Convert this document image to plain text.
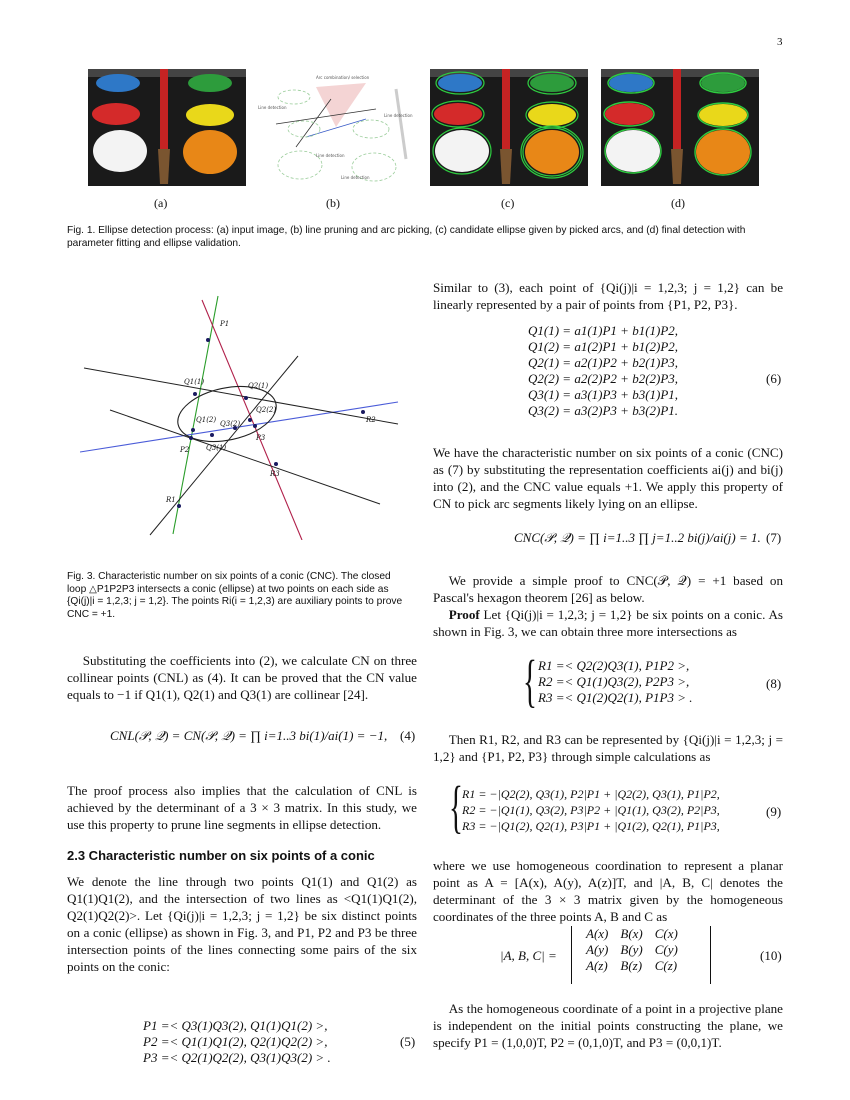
3
Arc combination/ selection
Line detection
Line detection
Line detection
Line detection
(a)	(b)	(c)	(d)
Fig. 1. Ellipse detection process: (a) input image, (b) line pruning and arc picking, (c) candidate ellipse given by picked arcs, and (d) final detection with parameter fitting and ellipse validation.
P1
P2
P3
R1
R2
R3
Q1(1)	Q2(1)
Q1(2) Q3(2)
Q3(1)
Q2(2)
Fig. 3. Characteristic number on six points of a conic (CNC). The closed loop △P1P2P3 intersects a conic (ellipse) at two points on each side as {Qi(j)|i = 1,2,3; j = 1,2}. The points Ri(i = 1,2,3) are auxiliary points to prove CNC = +1.
Substituting the coefficients into (2), we calculate CN on three collinear points (CNL) as (4). It can be proved that the CN value equals to −1 if Q1(1), Q2(1) and Q3(1) are collinear [24].
CNL(𝒫, 𝒬) = CN(𝒫, 𝒬) = ∏ i=1..3 bi(1)/ai(1) = −1, (4)
The proof process also implies that the calculation of CNL is achieved by the determinant of a 3 × 3 matrix. In this study, we use this property to prune line segments in ellipse detection.
2.3 Characteristic number on six points of a conic
We denote the line through two points Q1(1) and Q1(2) as Q1(1)Q1(2), and the intersection of two lines as <Q1(1)Q1(2), Q2(1)Q2(2)>. Let {Qi(j)|i = 1,2,3; j = 1,2} be six distinct points on a conic (ellipse) as shown in Fig. 3, and P1, P2 and P3 be three intersection points of the lines connecting some pairs of the six points on the conic:
P1 =< Q3(1)Q3(2), Q1(1)Q1(2) >,
P2 =< Q1(1)Q1(2), Q2(1)Q2(2) >,
P3 =< Q2(1)Q2(2), Q3(1)Q3(2) > .
(5)
Similar to (3), each point of {Qi(j)|i = 1,2,3; j = 1,2} can be linearly represented by a pair of points from {P1, P2, P3}.
Q1(1) = a1(1)P1 + b1(1)P2,
Q1(2) = a1(2)P1 + b1(2)P2,
Q2(1) = a2(1)P2 + b2(1)P3,
Q2(2) = a2(2)P2 + b2(2)P3,
Q3(1) = a3(1)P3 + b3(1)P1,
Q3(2) = a3(2)P3 + b3(2)P1.
(6)
We have the characteristic number on six points of a conic (CNC) as (7) by substituting the representation coefficients ai(j) and bi(j) into (2), and the CNC value equals +1. We apply this property of CN to pick arc segments likely lying on an ellipse.
CNC(𝒫, 𝒬) = ∏ i=1..3 ∏ j=1..2 bi(j)/ai(j) = 1. (7)
We provide a simple proof to CNC(𝒫, 𝒬) = +1 based on Pascal's hexagon theorem [26] as below.
Proof Let {Qi(j)|i = 1,2,3; j = 1,2} be six points on a conic. As shown in Fig. 3, we can obtain three more intersections as
{ R1 =< Q2(2)Q3(1), P1P2 >,
R2 =< Q1(1)Q3(2), P2P3 >,
R3 =< Q1(2)Q2(1), P1P3 > .
(8)
Then R1, R2, and R3 can be represented by {Qi(j)|i = 1,2,3; j = 1,2} and {P1, P2, P3} through simple calculations as
{ R1 = −|Q2(2), Q3(1), P2|P1 + |Q2(2), Q3(1), P1|P2,
R2 = −|Q1(1), Q3(2), P3|P2 + |Q1(1), Q3(2), P2|P3,
R3 = −|Q1(2), Q2(1), P3|P1 + |Q1(2), Q2(1), P1|P3,
(9)
where we use homogeneous coordination to represent a planar point as A = [A(x), A(y), A(z)]T, and |A, B, C| denotes the determinant of the 3 × 3 matrix given by the homogeneous coordinates of the three points A, B and C as
|A, B, C| =
A(x)	B(x)	C(x)
A(y)	B(y)	C(y)
A(z)	B(z)	C(z)
(10)
As the homogeneous coordinate of a point in a projective plane is independent on the initial points constructing the plane, we specify P1 = (1,0,0)T, P2 = (0,1,0)T, and P3 = (0,0,1)T.
